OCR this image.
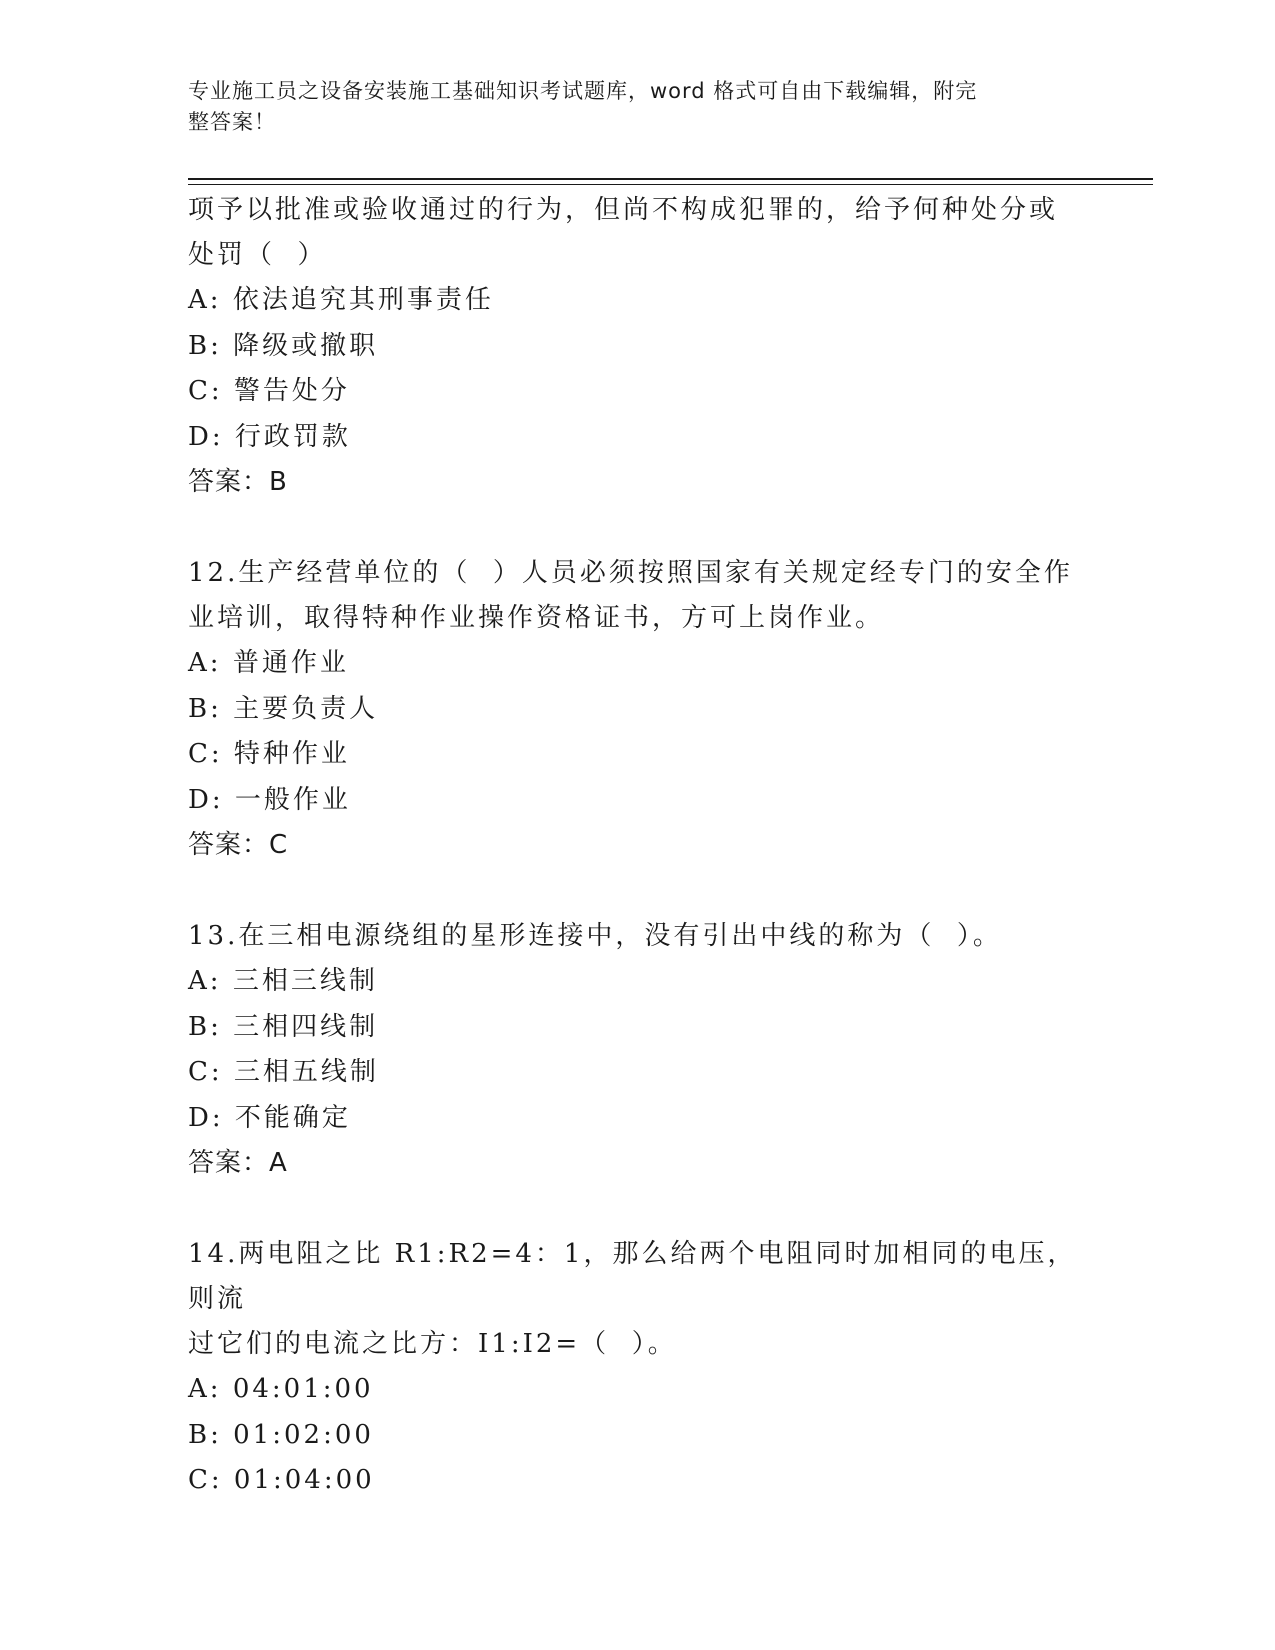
专业施工员之设备安装施工基础知识考试题库，word 格式可自由下载编辑，附完
整答案！

项予以批准或验收通过的行为，但尚不构成犯罪的，给予何种处分或

处罚（  ）

A: 依法追究其刑事责任

B: 降级或撤职

C: 警告处分

D: 行政罚款

答案：B

12.生产经营单位的（  ）人员必须按照国家有关规定经专门的安全作

业培训，取得特种作业操作资格证书，方可上岗作业。

A: 普通作业

B: 主要负责人

C: 特种作业

D: 一般作业

答案：C

13.在三相电源绕组的星形连接中，没有引出中线的称为（  ）。

A: 三相三线制

B: 三相四线制

C: 三相五线制

D: 不能确定

答案：A

14.两电阻之比 R1:R2=4：1，那么给两个电阻同时加相同的电压，则流

过它们的电流之比方：I1:I2=（  ）。

A: 04:01:00

B: 01:02:00

C: 01:04:00
